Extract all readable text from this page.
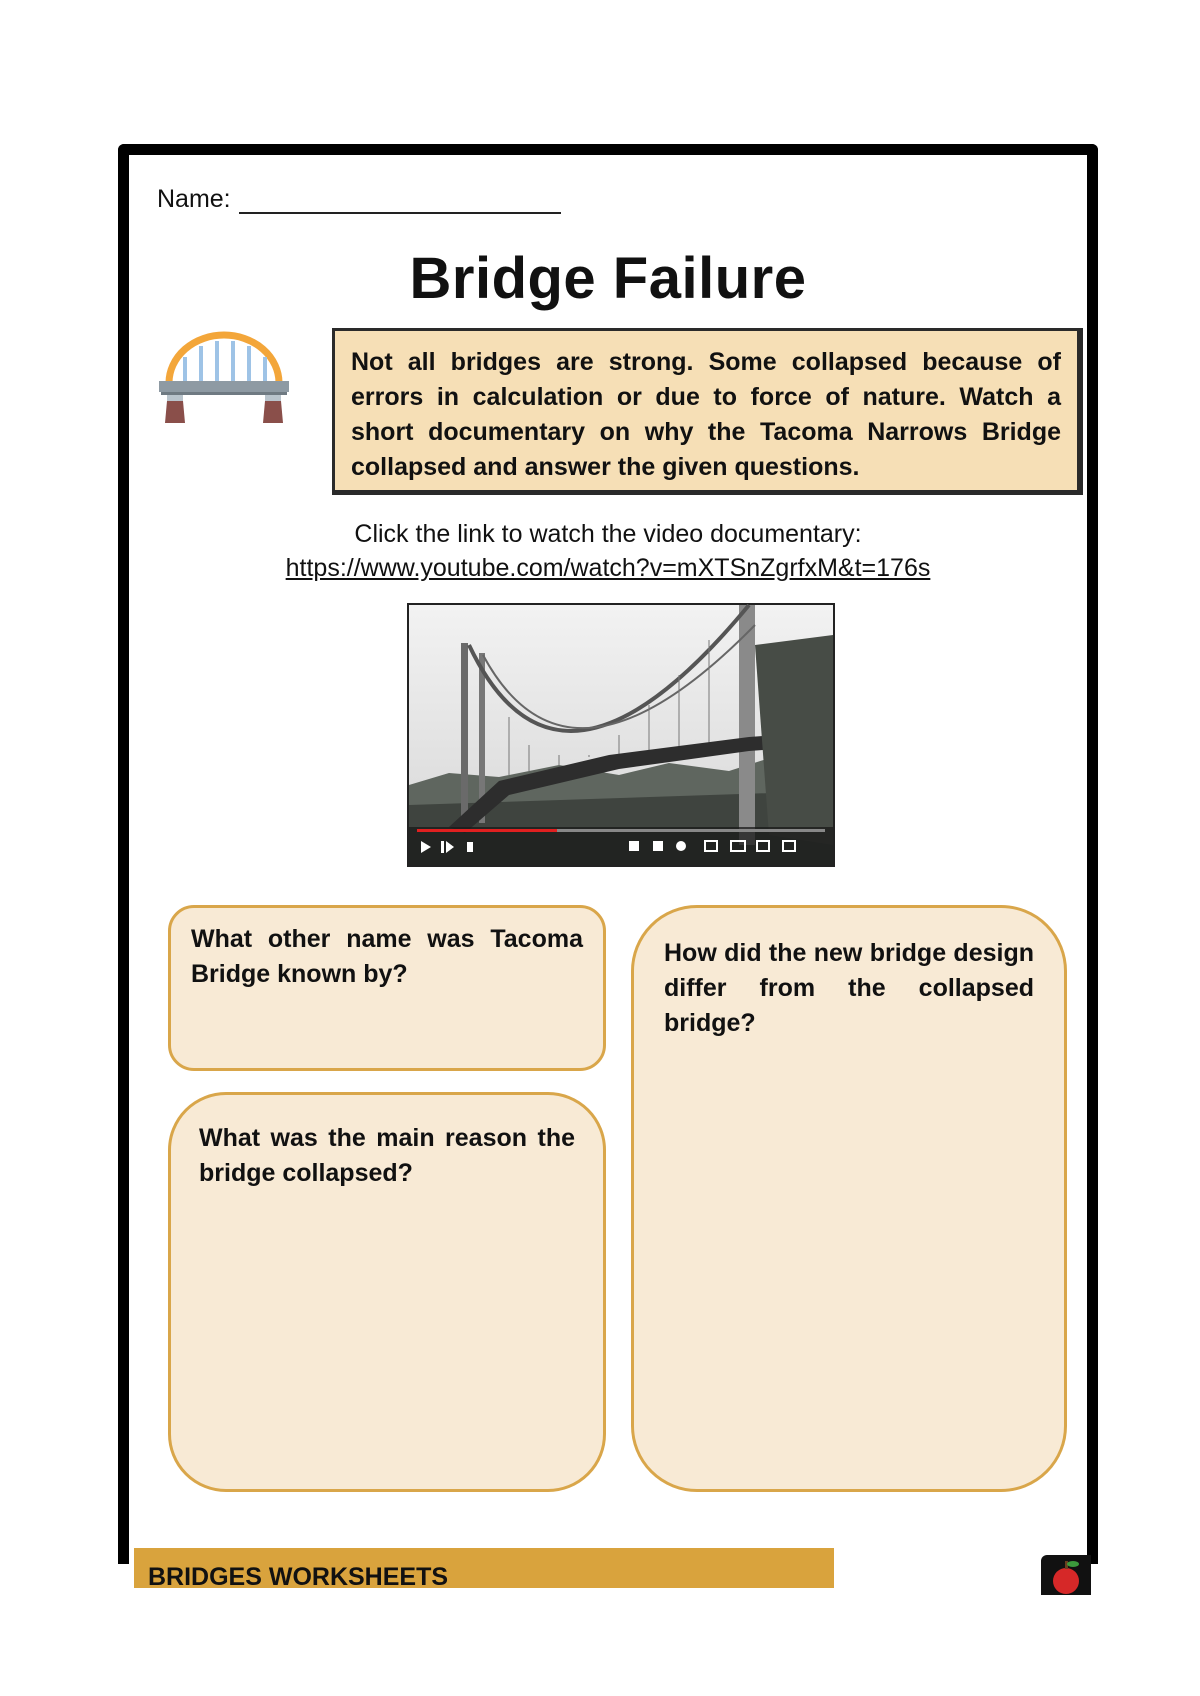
Name:
Bridge Failure
Not all bridges are strong. Some collapsed because of errors in calculation or due to force of nature. Watch a short documentary on why the Tacoma Narrows Bridge collapsed and answer the given questions.
Click the link to watch the video documentary:
https://www.youtube.com/watch?v=mXTSnZgrfxM&t=176s
What other name was Tacoma Bridge known by?
What was the main reason the bridge collapsed?
How did the new bridge design differ from the collapsed bridge?
BRIDGES WORKSHEETS
